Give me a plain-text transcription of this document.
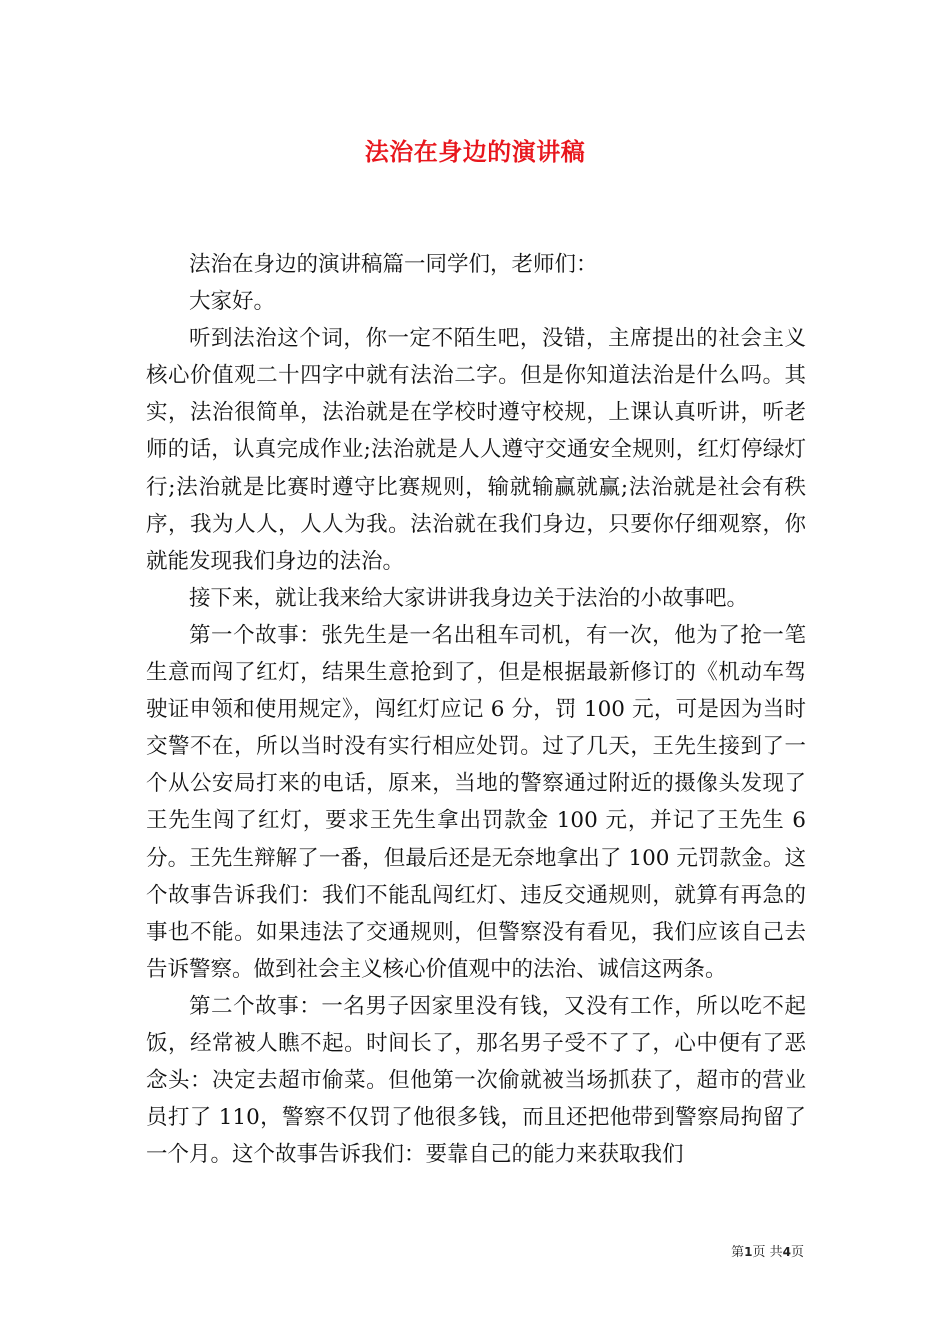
法治在身边的演讲稿

法治在身边的演讲稿篇一同学们，老师们：

大家好。

听到法治这个词，你一定不陌生吧，没错，主席提出的社会主义核心价值观二十四字中就有法治二字。但是你知道法治是什么吗。其实，法治很简单，法治就是在学校时遵守校规，上课认真听讲，听老师的话，认真完成作业;法治就是人人遵守交通安全规则，红灯停绿灯行;法治就是比赛时遵守比赛规则，输就输赢就赢;法治就是社会有秩序，我为人人，人人为我。法治就在我们身边，只要你仔细观察，你就能发现我们身边的法治。

接下来，就让我来给大家讲讲我身边关于法治的小故事吧。

第一个故事：张先生是一名出租车司机，有一次，他为了抢一笔生意而闯了红灯，结果生意抢到了，但是根据最新修订的《机动车驾驶证申领和使用规定》，闯红灯应记 6 分，罚 100 元，可是因为当时交警不在，所以当时没有实行相应处罚。过了几天，王先生接到了一个从公安局打来的电话，原来，当地的警察通过附近的摄像头发现了王先生闯了红灯，要求王先生拿出罚款金 100 元，并记了王先生 6 分。王先生辩解了一番，但最后还是无奈地拿出了 100 元罚款金。这个故事告诉我们：我们不能乱闯红灯、违反交通规则，就算有再急的事也不能。如果违法了交通规则，但警察没有看见，我们应该自己去告诉警察。做到社会主义核心价值观中的法治、诚信这两条。

第二个故事：一名男子因家里没有钱，又没有工作，所以吃不起饭，经常被人瞧不起。时间长了，那名男子受不了了，心中便有了恶念头：决定去超市偷菜。但他第一次偷就被当场抓获了，超市的营业员打了 110，警察不仅罚了他很多钱，而且还把他带到警察局拘留了一个月。这个故事告诉我们：要靠自己的能力来获取我们

第1页 共4页
